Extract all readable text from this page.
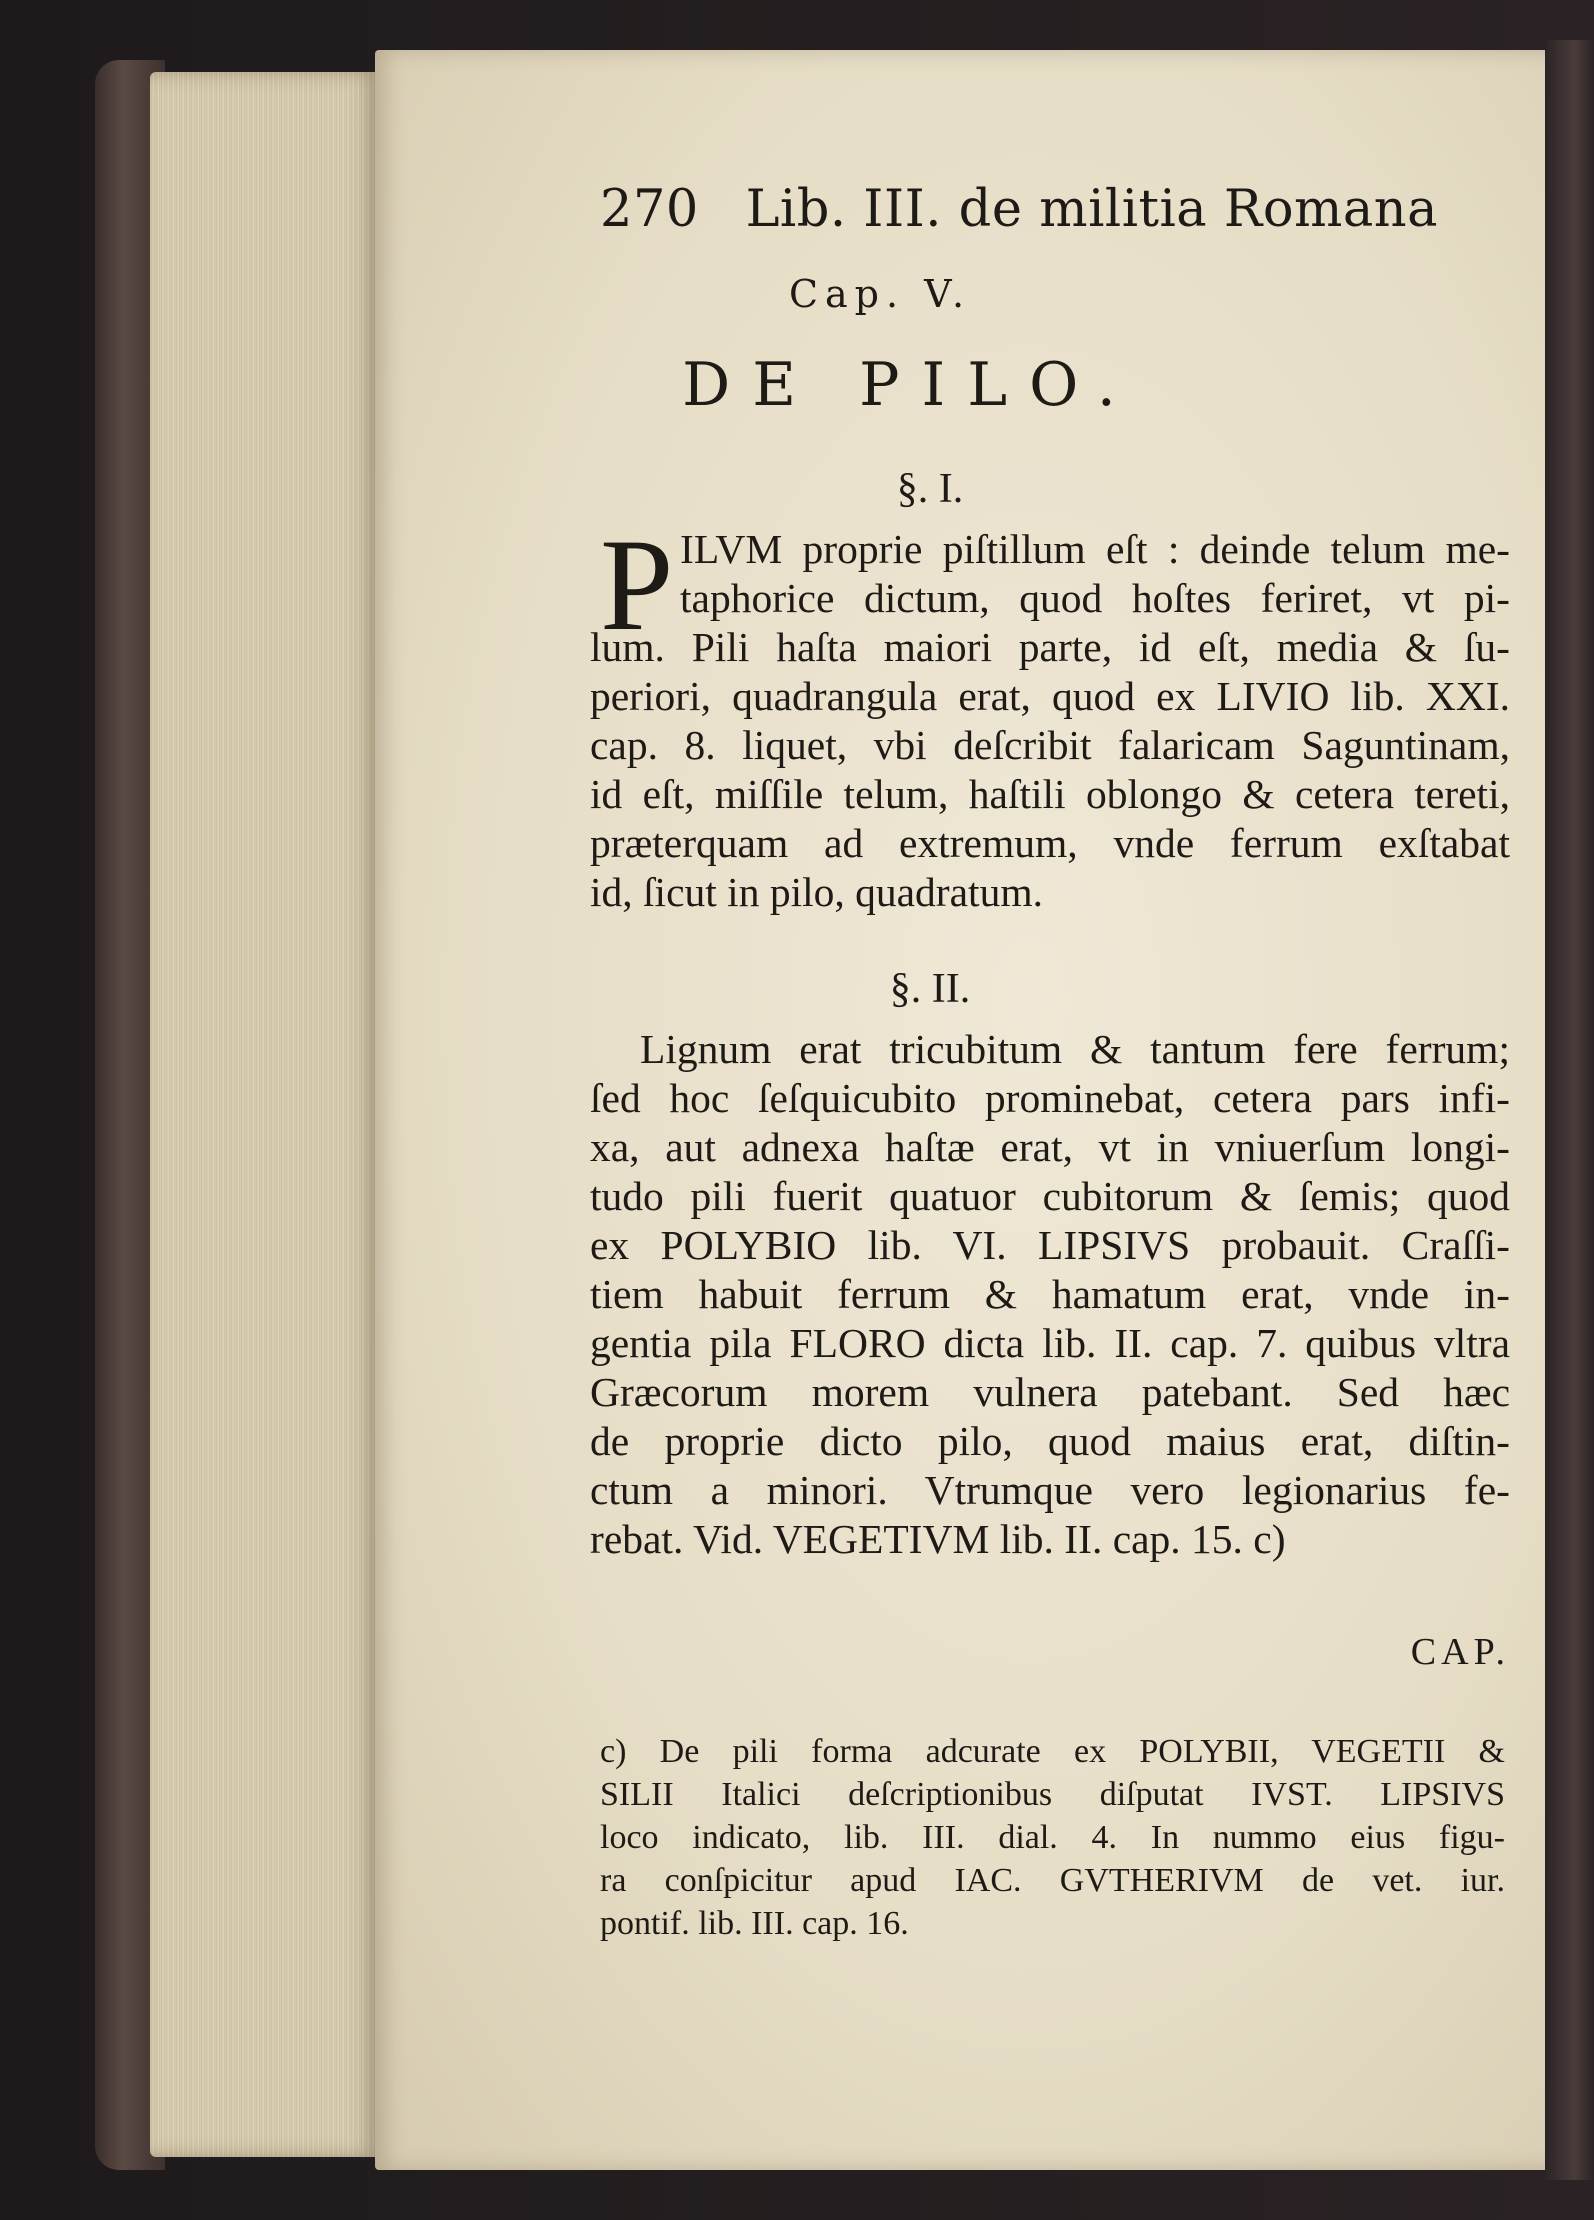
270 Lib. III. de militia Romana
Cap. V.
DE PILO.
§. I.
P ILVM proprie piſtillum eſt : deinde telum me-
taphorice dictum, quod hoſtes feriret, vt pi-
lum. Pili haſta maiori parte, id eſt, media & ſu-
periori, quadrangula erat, quod ex LIVIO lib. XXI.
cap. 8. liquet, vbi deſcribit falaricam Saguntinam,
id eſt, miſſile telum, haſtili oblongo & cetera tereti,
præterquam ad extremum, vnde ferrum exſtabat
id, ſicut in pilo, quadratum.
§. II.
Lignum erat tricubitum & tantum fere ferrum;
ſed hoc ſeſquicubito prominebat, cetera pars infi-
xa, aut adnexa haſtæ erat, vt in vniuerſum longi-
tudo pili fuerit quatuor cubitorum & ſemis; quod
ex POLYBIO lib. VI. LIPSIVS probauit. Craſſi-
tiem habuit ferrum & hamatum erat, vnde in-
gentia pila FLORO dicta lib. II. cap. 7. quibus vltra
Græcorum morem vulnera patebant. Sed hæc
de proprie dicto pilo, quod maius erat, diſtin-
ctum a minori. Vtrumque vero legionarius fe-
rebat. Vid. VEGETIVM lib. II. cap. 15. c)
CAP.
c) De pili forma adcurate ex POLYBII, VEGETII &
SILII Italici deſcriptionibus diſputat IVST. LIPSIVS
loco indicato, lib. III. dial. 4. In nummo eius figu-
ra conſpicitur apud IAC. GVTHERIVM de vet. iur.
pontif. lib. III. cap. 16.
